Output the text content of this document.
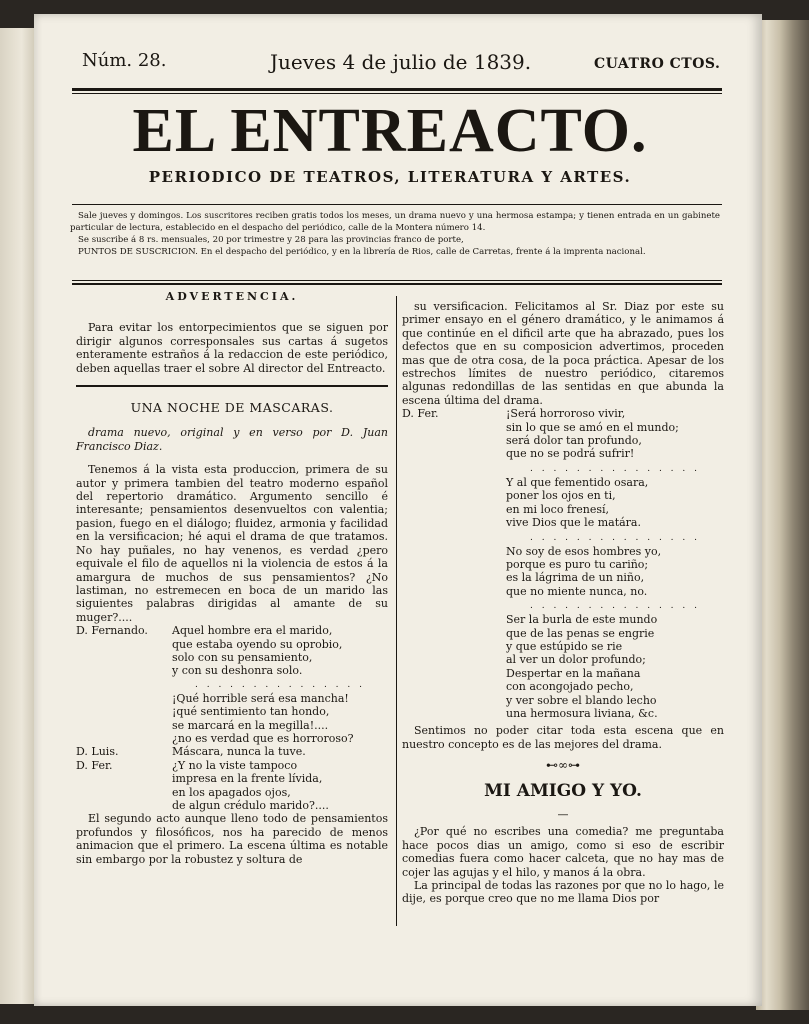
Núm. 28.	Jueves 4 de julio de 1839.	CUATRO CTOS.
EL ENTREACTO.
PERIODICO DE TEATROS, LITERATURA Y ARTES.

Sale jueves y domingos. Los suscritores reciben gratis todos los meses, un drama nuevo y una hermosa estampa; y tienen entrada en un gabinete particular de lectura, establecido en el despacho del periódico, calle de la Montera número 14.

Se suscribe á 8 rs. mensuales, 20 por trimestre y 28 para las provincias franco de porte,

PUNTOS DE SUSCRICION. En el despacho del periódico, y en la librería de Rios, calle de Carretas, frente á la imprenta nacional.

ADVERTENCIA.

Para evitar los entorpecimientos que se siguen por dirigir algunos corresponsales sus cartas á sugetos enteramente estraños á la redaccion de este periódico, deben aquellas traer el sobre Al director del Entreacto.

UNA NOCHE DE MASCARAS.

drama nuevo, original y en verso por D. Juan Francisco Diaz.

Tenemos á la vista esta produccion, primera de su autor y primera tambien del teatro moderno español del repertorio dramático. Argumento sencillo é interesante; pensamientos desenvueltos con valentia; pasion, fuego en el diálogo; fluidez, armonia y facilidad en la versificacion; hé aqui el drama de que tratamos. No hay puñales, no hay venenos, es verdad ¿pero equivale el filo de aquellos ni la violencia de estos á la amargura de muchos de sus pensamientos? ¿No lastiman, no estremecen en boca de un marido las siguientes palabras dirigidas al amante de su muger?....

D. Fernando.	Aquel hombre era el marido,
que estaba oyendo su oprobio,
solo con su pensamiento,
y con su deshonra solo.
. . . . . . . . . . . . . . .
¡Qué horrible será esa mancha!
¡qué sentimiento tan hondo,
se marcará en la megilla!....
¿no es verdad que es horroroso?
D. Luis.	Máscara, nunca la tuve.
D. Fer.	¿Y no la viste tampoco
impresa en la frente lívida,
en los apagados ojos,
de algun crédulo marido?....

El segundo acto aunque lleno todo de pensamientos profundos y filosóficos, nos ha parecido de menos animacion que el primero. La escena última es notable sin embargo por la robustez y soltura de

su versificacion. Felicitamos al Sr. Diaz por este su primer ensayo en el género dramático, y le animamos á que continúe en el dificil arte que ha abrazado, pues los defectos que en su composicion advertimos, proceden mas que de otra cosa, de la poca práctica. Apesar de los estrechos límites de nuestro periódico, citaremos algunas redondillas de las sentidas en que abunda la escena última del drama.

D. Fer.	¡Será horroroso vivir,
sin lo que se amó en el mundo;
será dolor tan profundo,
que no se podrá sufrir!
. . . . . . . . . . . . . . .
Y al que fementido osara,
poner los ojos en ti,
en mi loco frenesí,
vive Dios que le matára.
. . . . . . . . . . . . . . .
No soy de esos hombres yo,
porque es puro tu cariño;
es la lágrima de un niño,
que no miente nunca, no.
. . . . . . . . . . . . . . .
Ser la burla de este mundo
que de las penas se engrie
y que estúpido se rie
al ver un dolor profundo;
Despertar en la mañana
con acongojado pecho,
y ver sobre el blando lecho
una hermosura liviana, &c.

Sentimos no poder citar toda esta escena que en nuestro concepto es de las mejores del drama.

⊷∞⊶
MI AMIGO Y YO.
—

¿Por qué no escribes una comedia? me preguntaba hace pocos dias un amigo, como si eso de escribir comedias fuera como hacer calceta, que no hay mas de cojer las agujas y el hilo, y manos á la obra.

La principal de todas las razones por que no lo hago, le dije, es porque creo que no me llama Dios por
